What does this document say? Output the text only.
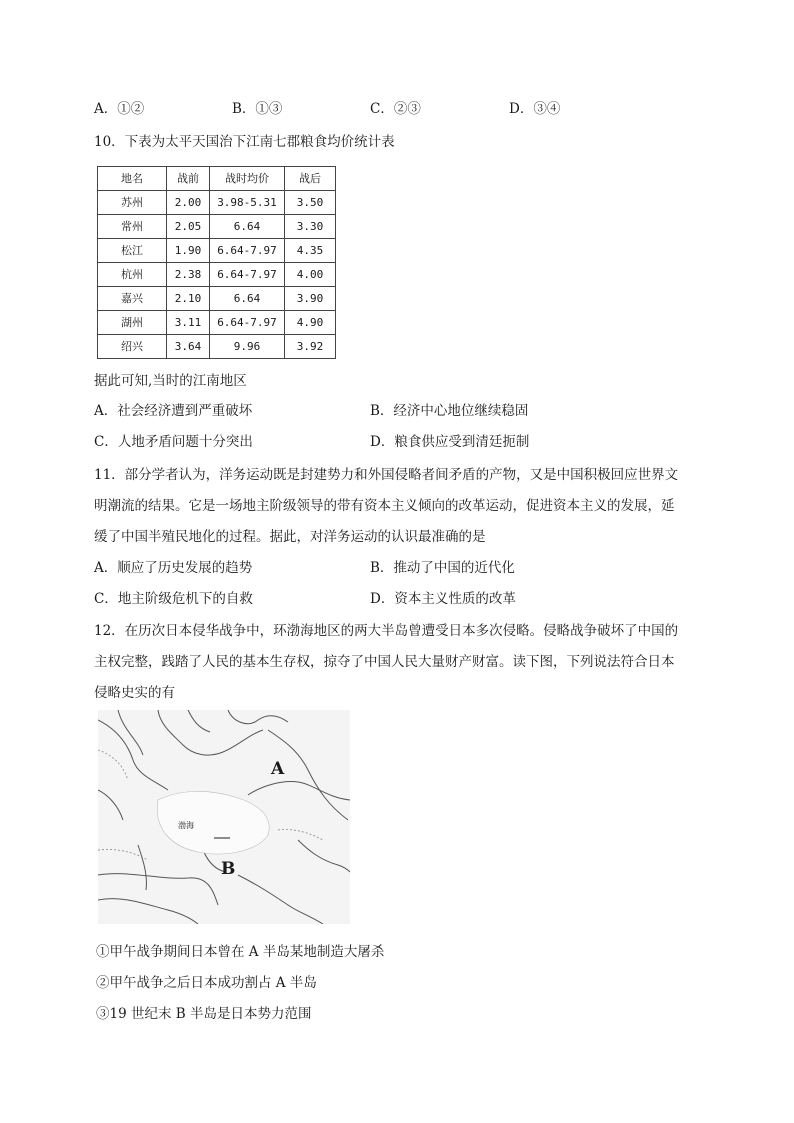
A．①②	B．①③	C．②③	D．③④
10．下表为太平天国治下江南七郡粮食均价统计表
地名	战前	战时均价	战后
苏州	2.00	3.98-5.31	3.50
常州	2.05	6.64	3.30
松江	1.90	6.64-7.97	4.35
杭州	2.38	6.64-7.97	4.00
嘉兴	2.10	6.64	3.90
湖州	3.11	6.64-7.97	4.90
绍兴	3.64	9.96	3.92
据此可知,当时的江南地区
A．社会经济遭到严重破坏	B．经济中心地位继续稳固
C．人地矛盾问题十分突出	D．粮食供应受到清廷扼制
11．部分学者认为，洋务运动既是封建势力和外国侵略者间矛盾的产物，又是中国积极回应世界文
明潮流的结果。它是一场地主阶级领导的带有资本主义倾向的改革运动，促进资本主义的发展，延
缓了中国半殖民地化的过程。据此，对洋务运动的认识最准确的是
A．顺应了历史发展的趋势	B．推动了中国的近代化
C．地主阶级危机下的自救	D．资本主义性质的改革
12．在历次日本侵华战争中，环渤海地区的两大半岛曾遭受日本多次侵略。侵略战争破坏了中国的
主权完整，践踏了人民的基本生存权，掠夺了中国人民大量财产财富。读下图，下列说法符合日本
侵略史实的有
A
渤海
B
①甲午战争期间日本曾在 A 半岛某地制造大屠杀
②甲午战争之后日本成功割占 A 半岛
③19 世纪末 B 半岛是日本势力范围
